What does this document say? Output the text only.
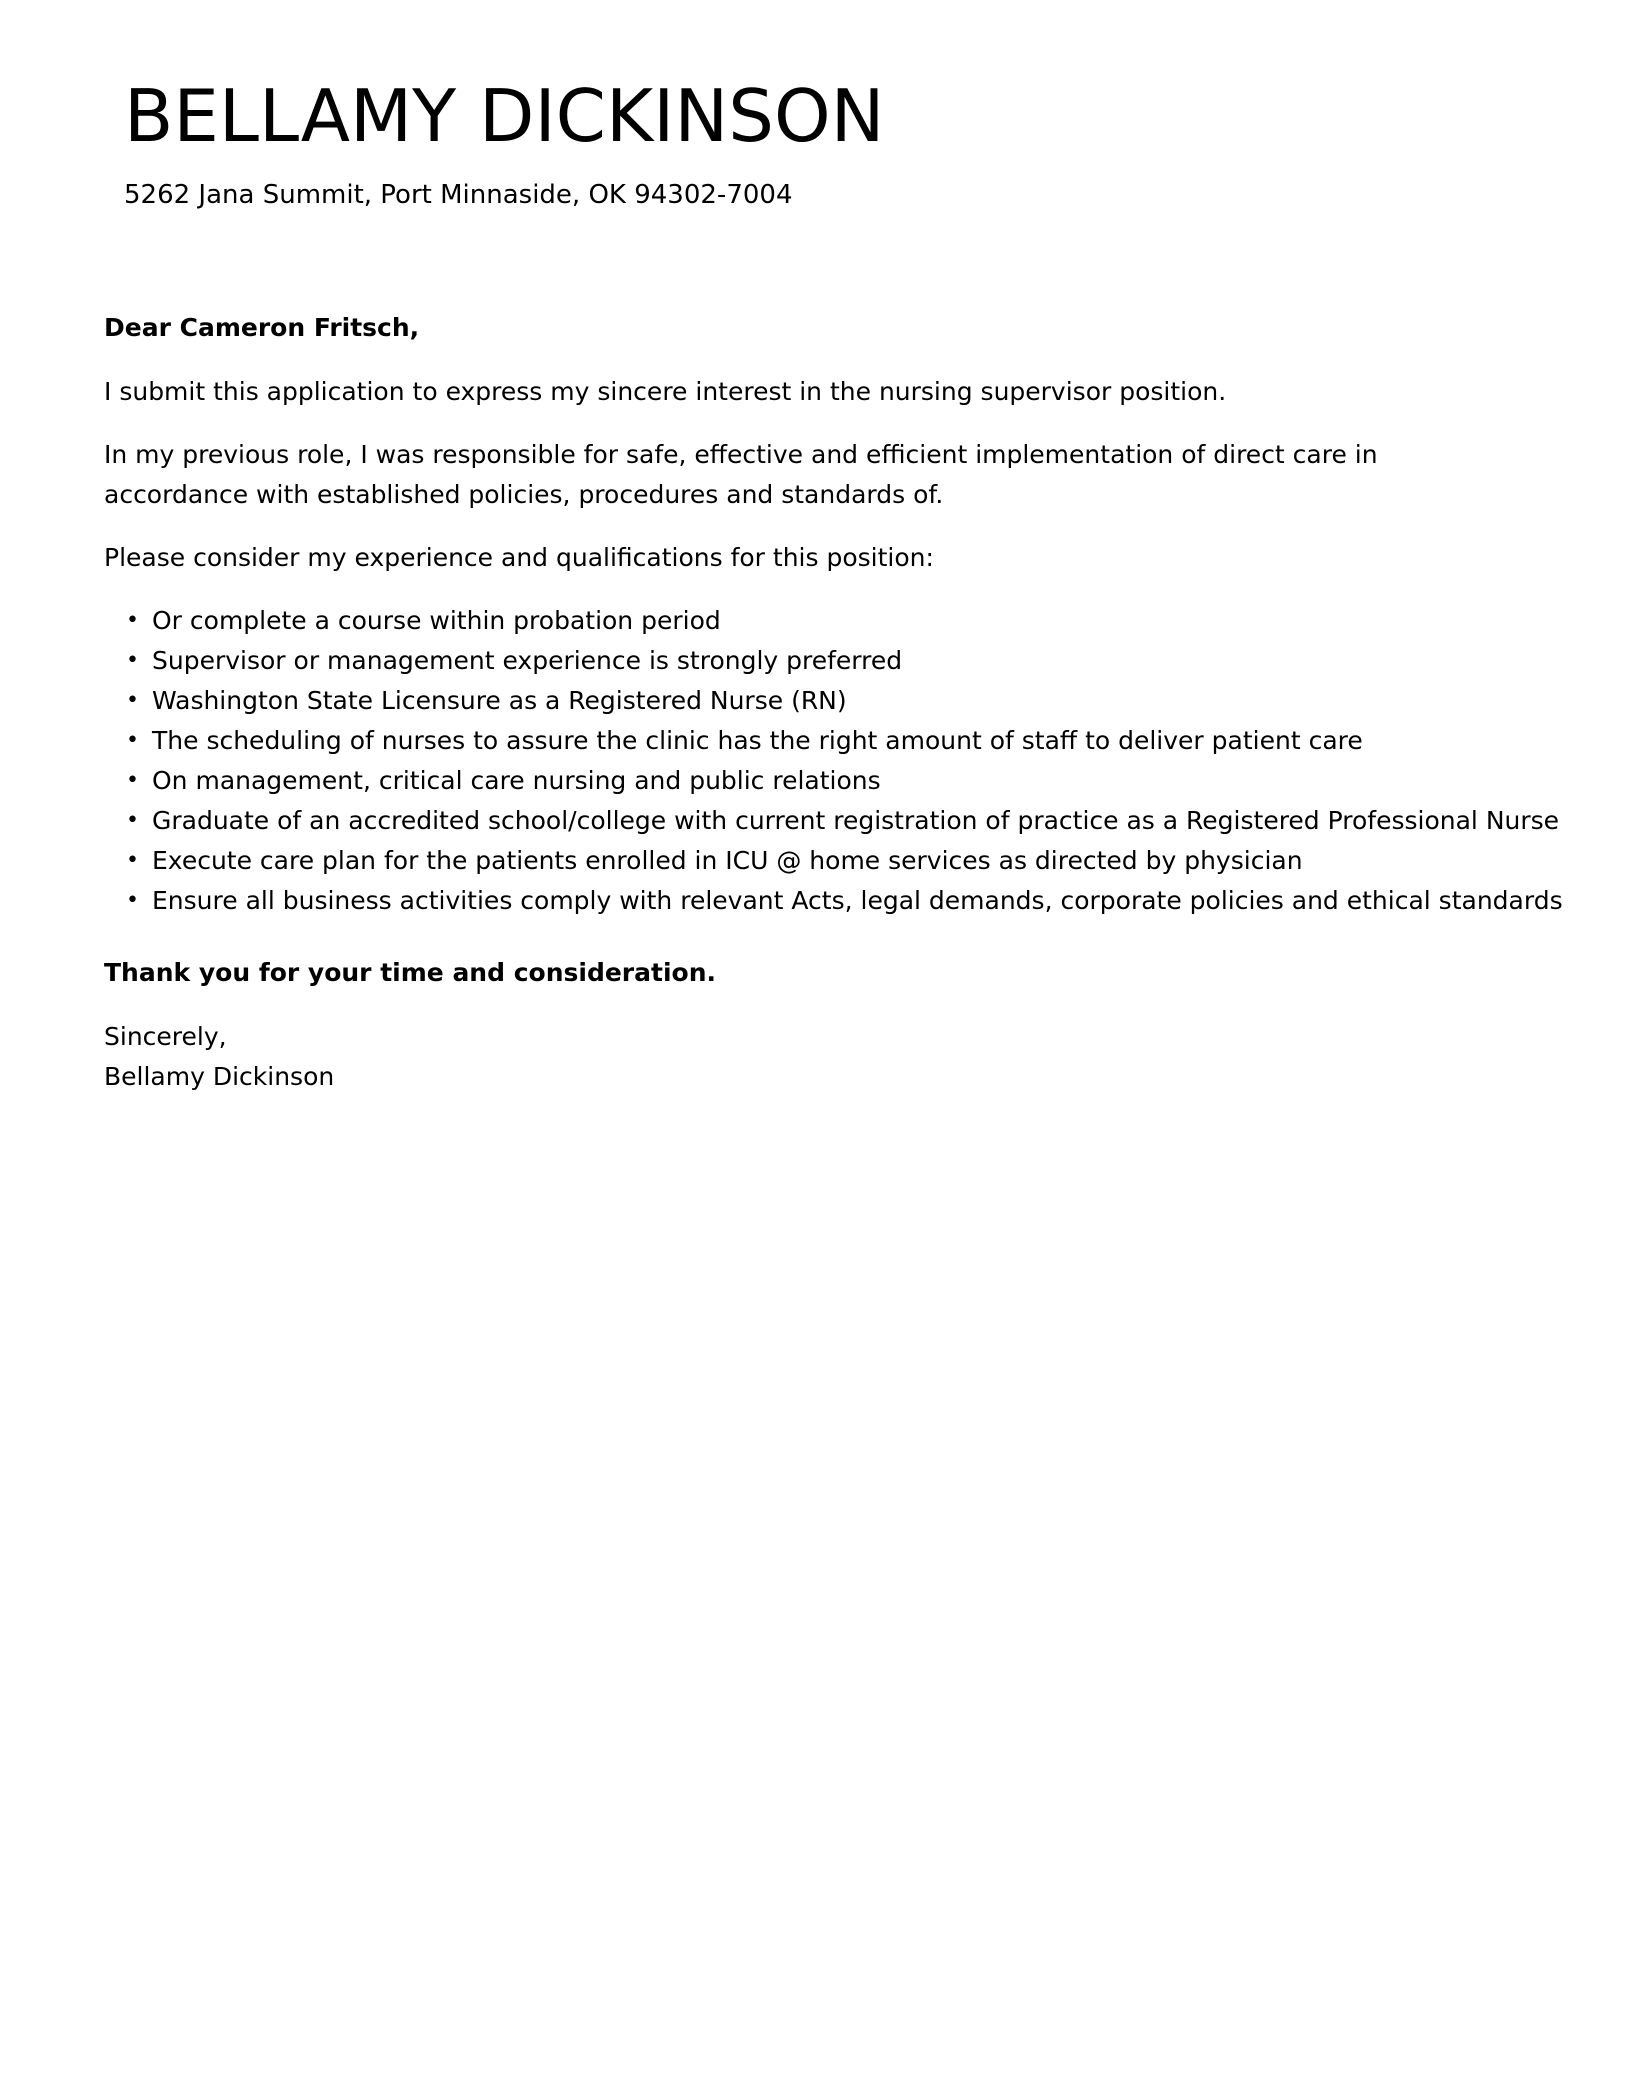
BELLAMY DICKINSON

5262 Jana Summit, Port Minnaside, OK 94302-7004

Dear Cameron Fritsch,

I submit this application to express my sincere interest in the nursing supervisor position.

In my previous role, I was responsible for safe, effective and efficient implementation of direct care in accordance with established policies, procedures and standards of.

Please consider my experience and qualifications for this position:

• Or complete a course within probation period
• Supervisor or management experience is strongly preferred
• Washington State Licensure as a Registered Nurse (RN)
• The scheduling of nurses to assure the clinic has the right amount of staff to deliver patient care
• On management, critical care nursing and public relations
• Graduate of an accredited school/college with current registration of practice as a Registered Professional Nurse
• Execute care plan for the patients enrolled in ICU @ home services as directed by physician
• Ensure all business activities comply with relevant Acts, legal demands, corporate policies and ethical standards

Thank you for your time and consideration.

Sincerely,

Bellamy Dickinson
